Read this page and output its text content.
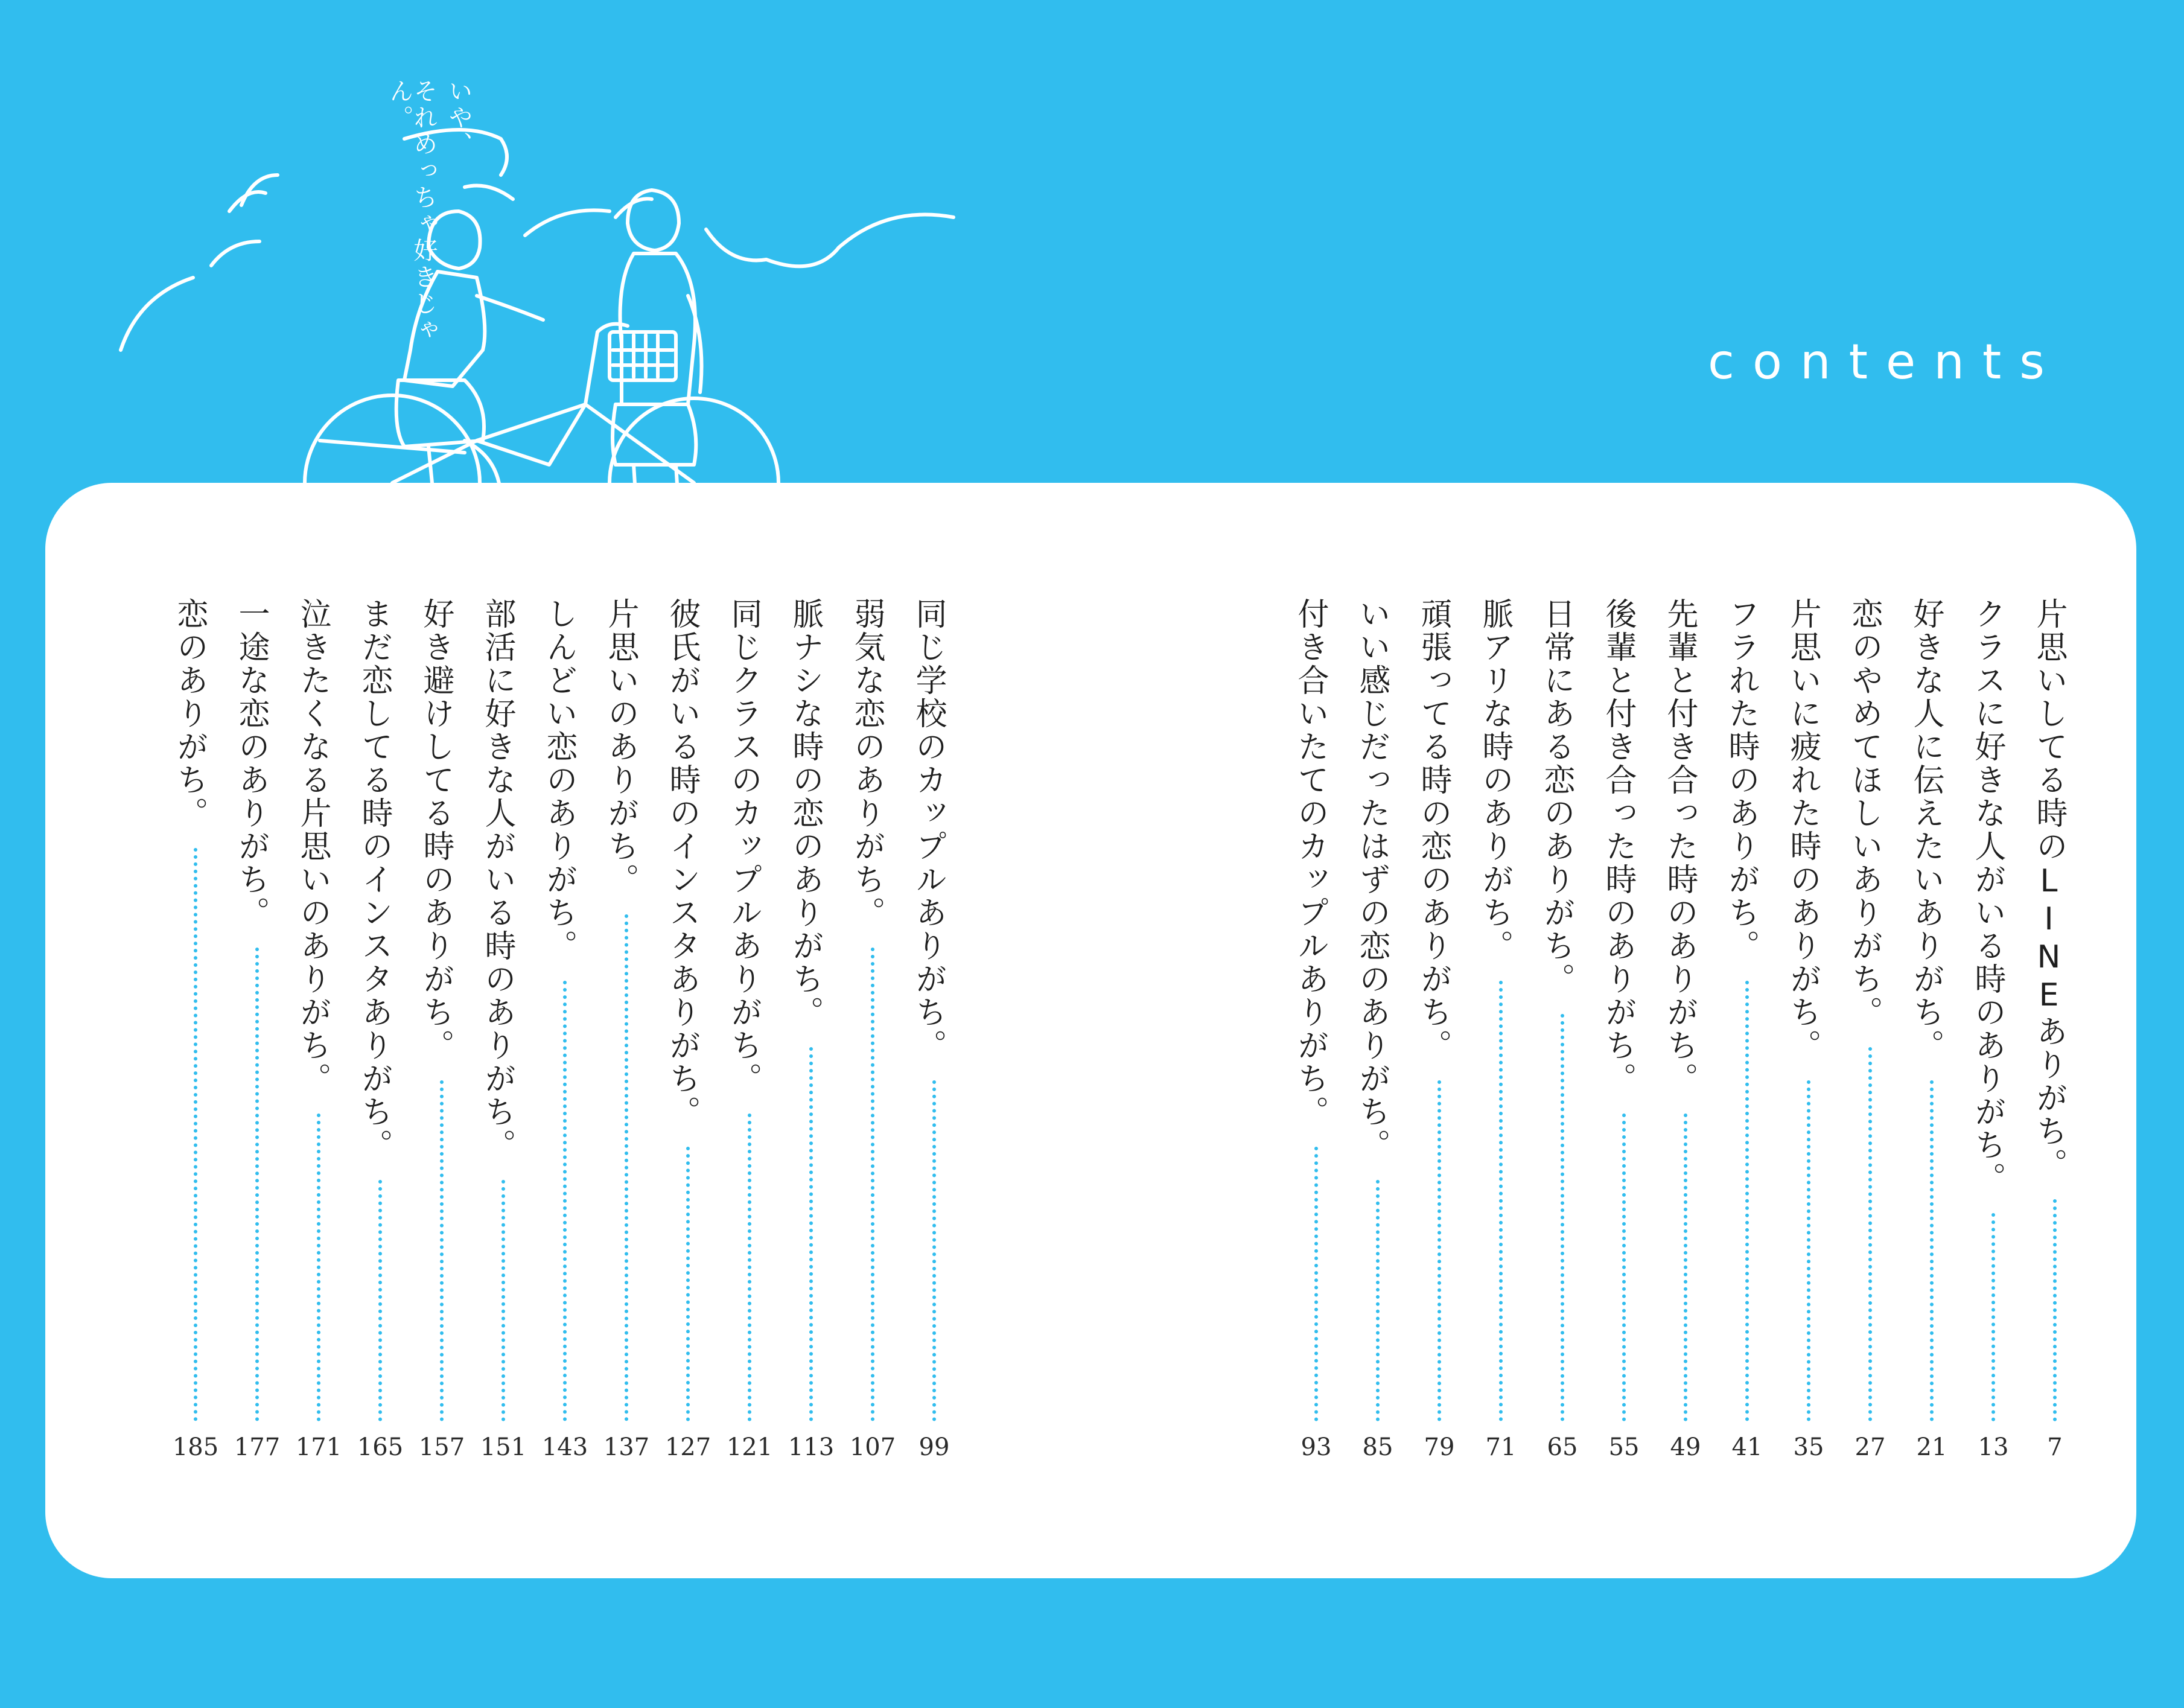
いや、
それめっちゃ好きじゃん。
contents
片思いしてる時のLINEありがち。
7
クラスに好きな人がいる時のありがち。
13
好きな人に伝えたいありがち。
21
恋のやめてほしいありがち。
27
片思いに疲れた時のありがち。
35
フラれた時のありがち。
41
先輩と付き合った時のありがち。
49
後輩と付き合った時のありがち。
55
日常にある恋のありがち。
65
脈アリな時のありがち。
71
頑張ってる時の恋のありがち。
79
いい感じだったはずの恋のありがち。
85
付き合いたてのカップルありがち。
93
同じ学校のカップルありがち。
99
弱気な恋のありがち。
107
脈ナシな時の恋のありがち。
113
同じクラスのカップルありがち。
121
彼氏がいる時のインスタありがち。
127
片思いのありがち。
137
しんどい恋のありがち。
143
部活に好きな人がいる時のありがち。
151
好き避けしてる時のありがち。
157
まだ恋してる時のインスタありがち。
165
泣きたくなる片思いのありがち。
171
一途な恋のありがち。
177
恋のありがち。
185
